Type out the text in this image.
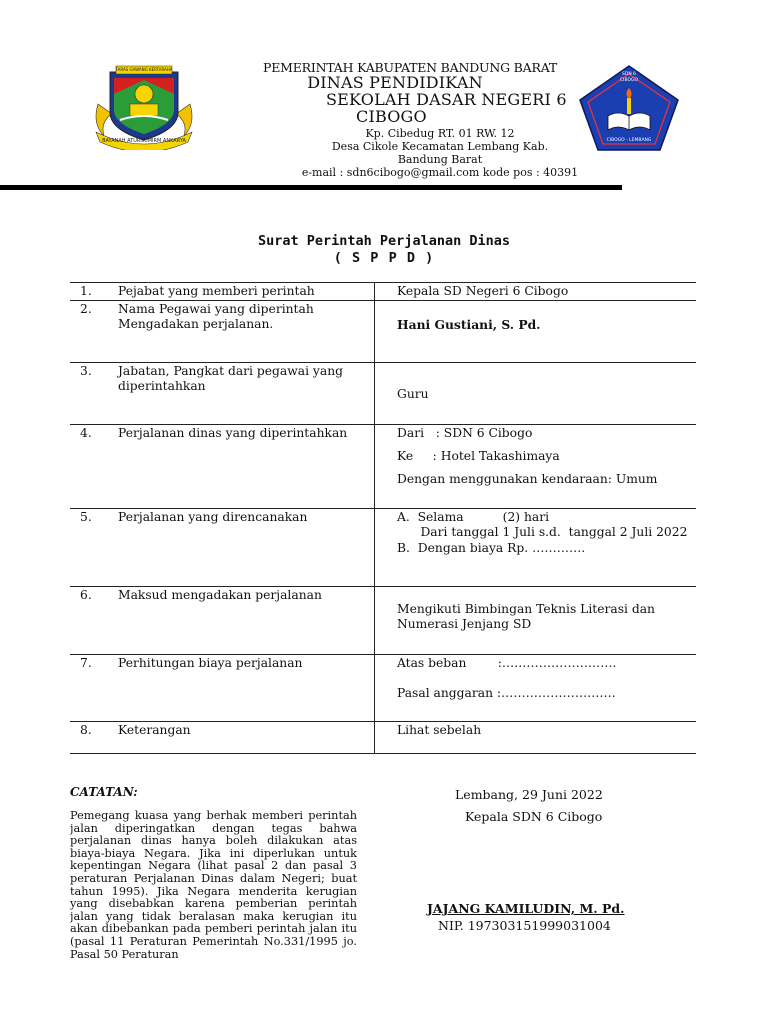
TARAS GAWANG KERTARAHA
BAYANAH ATURNUMIRM ANKARYA
SDN 6 CIBOGO
CIBOGO - LEMBANG
PEMERINTAH KABUPATEN BANDUNG BARAT
DINAS PENDIDIKAN
SEKOLAH DASAR NEGERI 6
CIBOGO
Kp. Cibedug RT. 01 RW. 12
Desa Cikole Kecamatan Lembang Kab. Bandung Barat
e-mail : sdn6cibogo@gmail.com kode pos : 40391
Surat Perintah Perjalanan Dinas
( S P P D )
1.	Pejabat yang memberi perintah	Kepala SD Negeri 6 Cibogo

2.	Nama Pegawai yang diperintah
Mengadakan perjalanan.	Hani Gustiani, S. Pd.

3.	Jabatan, Pangkat dari pegawai yang
diperintahkan	Guru

4.	Perjalanan dinas yang diperintahkan	Dari   : SDN 6 Cibogo
Ke     : Hotel Takashimaya
Dengan menggunakan kendaraan: Umum

5.	Perjalanan yang direncanakan	A.  Selama          (2) hari
Dari tanggal 1 Juli s.d.  tanggal 2 Juli 2022
B.  Dengan biaya Rp. ………….

6.	Maksud mengadakan perjalanan	Mengikuti Bimbingan Teknis Literasi dan
Numerasi Jenjang SD

7.	Perhitungan biaya perjalanan	Atas beban        :……………………….
Pasal anggaran :……………………….

8.	Keterangan	Lihat sebelah
CATATAN:
Pemegang kuasa yang berhak memberi perintah jalan diperingatkan dengan tegas bahwa perjalanan dinas hanya boleh dilakukan atas biaya-biaya Negara. Jika ini diperlukan untuk kepentingan Negara (lihat pasal 2 dan pasal 3 peraturan Perjalanan Dinas dalam Negeri; buat tahun 1995). Jika Negara menderita kerugian yang disebabkan karena pemberian perintah jalan yang tidak beralasan maka kerugian itu akan dibebankan pada pemberi perintah jalan itu (pasal 11 Peraturan Pemerintah No.331/1995 jo. Pasal 50 Peraturan
Lembang, 29 Juni 2022
Kepala SDN 6 Cibogo
JAJANG KAMILUDIN, M. Pd.
NIP. 197303151999031004
